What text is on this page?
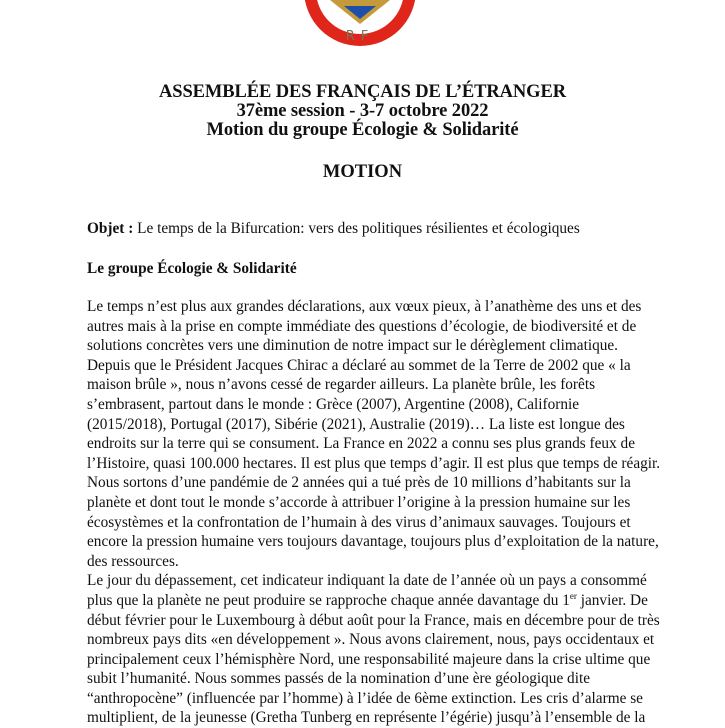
RF
ASSEMBLÉE DES FRANÇAIS DE L’ÉTRANGER
37ème session - 3-7 octobre 2022
Motion du groupe Écologie & Solidarité
MOTION
Objet : Le temps de la Bifurcation: vers des politiques résilientes et écologiques
Le groupe Écologie & Solidarité
Le temps n’est plus aux grandes déclarations, aux vœux pieux, à l’anathème des uns et des
autres mais à la prise en compte immédiate des questions d’écologie, de biodiversité et de
solutions concrètes vers une diminution de notre impact sur le dérèglement climatique.
Depuis que le Président Jacques Chirac a déclaré au sommet de la Terre de 2002 que « la
maison brûle », nous n’avons cessé de regarder ailleurs. La planète brûle, les forêts
s’embrasent, partout dans le monde : Grèce (2007), Argentine (2008), Californie
(2015/2018), Portugal (2017), Sibérie (2021), Australie (2019)… La liste est longue des
endroits sur la terre qui se consument. La France en 2022 a connu ses plus grands feux de
l’Histoire, quasi 100.000 hectares. Il est plus que temps d’agir. Il est plus que temps de réagir.
Nous sortons d’une pandémie de 2 années qui a tué près de 10 millions d’habitants sur la
planète et dont tout le monde s’accorde à attribuer l’origine à la pression humaine sur les
écosystèmes et la confrontation de l’humain à des virus d’animaux sauvages. Toujours et
encore la pression humaine vers toujours davantage, toujours plus d’exploitation de la nature,
des ressources.
Le jour du dépassement, cet indicateur indiquant la date de l’année où un pays a consommé
plus que la planète ne peut produire se rapproche chaque année davantage du 1er janvier. De
début février pour le Luxembourg à début août pour la France, mais en décembre pour de très
nombreux pays dits «en développement ». Nous avons clairement, nous, pays occidentaux et
principalement ceux l’hémisphère Nord, une responsabilité majeure dans la crise ultime que
subit l’humanité. Nous sommes passés de la nomination d’une ère géologique dite
“anthropocène” (influencée par l’homme) à l’idée de 6ème extinction. Les cris d’alarme se
multiplient, de la jeunesse (Gretha Tunberg en représente l’égérie) jusqu’à l’ensemble de la
